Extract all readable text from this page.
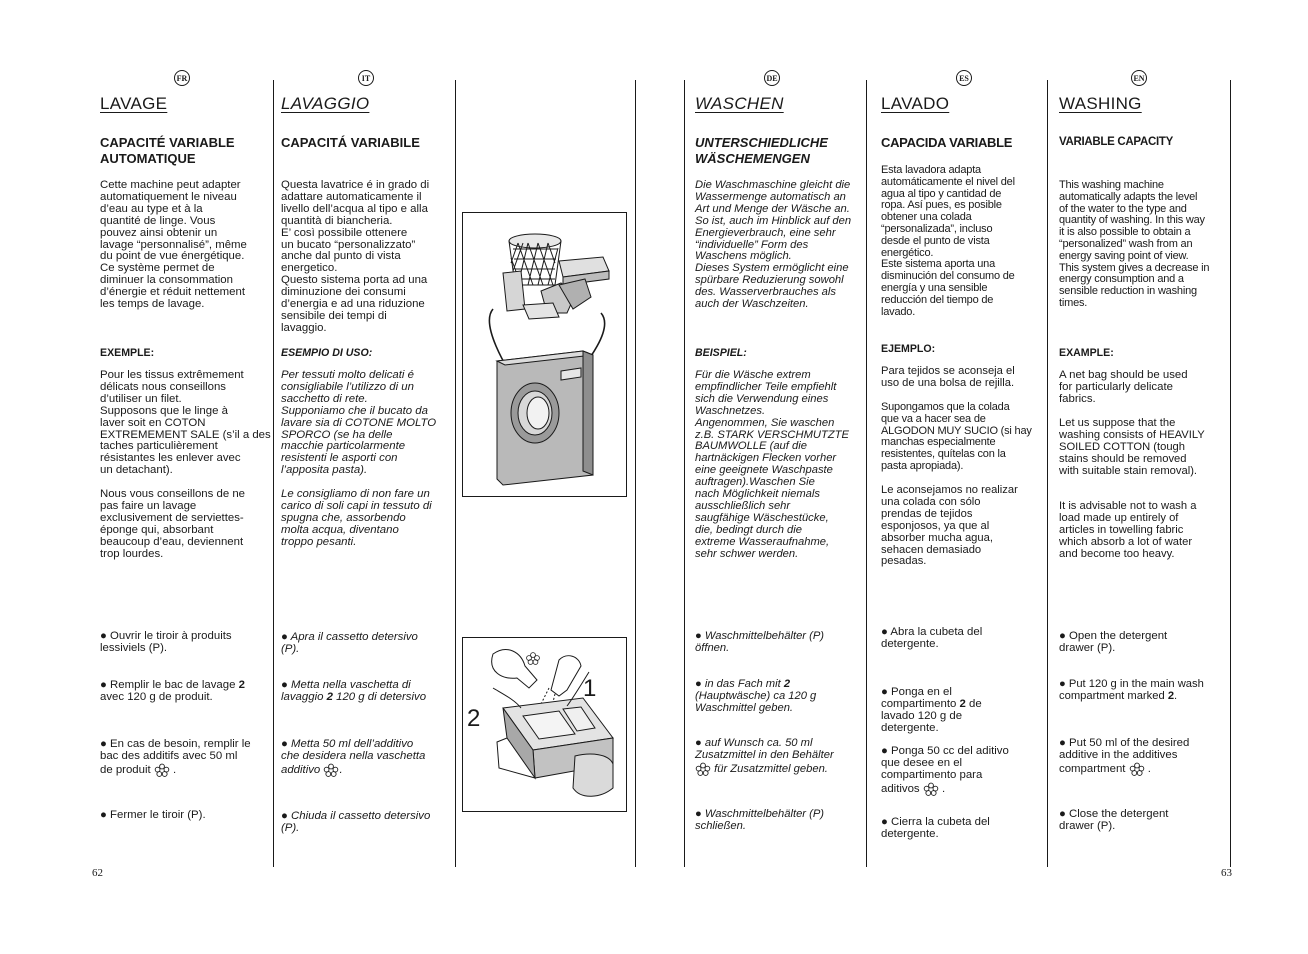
FR	IT	DE	ES	EN
LAVAGE	LAVAGGIO	WASCHEN	LAVADO	WASHING
CAPACITÉ VARIABLE
AUTOMATIQUE
Cette machine peut adapter
automatiquement le niveau
d’eau au type et à la
quantité de linge. Vous
pouvez ainsi obtenir un
lavage “personnalisé”, même
du point de vue énergétique.
Ce système permet de
diminuer la consommation
d’énergie et réduit nettement
les temps de lavage.
EXEMPLE:
Pour les tissus extrêmement
délicats nous conseillons
d’utiliser un filet.
Supposons que le linge à
laver soit en COTON
EXTREMEMENT SALE (s’il a des
taches particulièrement
résistantes les enlever avec
un detachant).
Nous vous conseillons de ne
pas faire un lavage
exclusivement de serviettes-
éponge qui, absorbant
beaucoup d’eau, deviennent
trop lourdes.
● Ouvrir le tiroir à produits
lessiviels (P).
● Remplir le bac de lavage 2
avec 120 g de produit.
● En cas de besoin, remplir le
bac des additifs avec 50 ml
de produit  .
● Fermer le tiroir (P).
CAPACITÁ VARIABILE
Questa lavatrice é in grado di
adattare automaticamente il
livello dell’acqua al tipo e alla
quantità di biancheria.
E’ così possibile ottenere
un bucato “personalizzato”
anche dal punto di vista
energetico.
Questo sistema porta ad una
diminuzione dei consumi
d’energia e ad una riduzione
sensibile dei tempi di
lavaggio.
ESEMPIO DI USO:
Per tessuti molto delicati é
consigliabile l’utilizzo di un
sacchetto di rete.
Supponiamo che il bucato da
lavare sia di COTONE MOLTO
SPORCO (se ha delle
macchie particolarmente
resistenti le asporti con
l’apposita pasta).
Le consigliamo di non fare un
carico di soli capi in tessuto di
spugna che, assorbendo
molta acqua, diventano
troppo pesanti.
● Apra il cassetto detersivo
(P).
● Metta nella vaschetta di
lavaggio 2 120 g di detersivo
● Metta 50 ml dell’additivo
che desidera nella vaschetta
additivo .
● Chiuda il cassetto detersivo
(P).
1
2
UNTERSCHIEDLICHE
WÄSCHEMENGEN
Die Waschmaschine gleicht die
Wassermenge automatisch an
Art und Menge der Wäsche an.
So ist, auch im Hinblick auf den
Energieverbrauch, eine sehr
“individuelle” Form des
Waschens möglich.
Dieses System ermöglicht eine
spürbare Reduzierung sowohl
des. Wasserverbrauches als
auch der Waschzeiten.
BEISPIEL:
Für die Wäsche extrem
empfindlicher Teile empfiehlt
sich die Verwendung eines
Waschnetzes.
Angenommen, Sie waschen
z.B. STARK VERSCHMUTZTE
BAUMWOLLE (auf die
hartnäckigen Flecken vorher
eine geeignete Waschpaste
auftragen).Waschen Sie
nach Möglichkeit niemals
ausschließlich sehr
saugfähige Wäschestücke,
die, bedingt durch die
extreme Wasseraufnahme,
sehr schwer werden.
● Waschmittelbehälter (P)
öffnen.
● in das Fach mit 2
(Hauptwäsche) ca 120 g
Waschmittel geben.
● auf Wunsch ca. 50 ml
Zusatzmittel in den Behälter
für Zusatzmittel geben.
● Waschmittelbehälter (P)
schließen.
CAPACIDA VARIABLE
Esta lavadora adapta
automáticamente el nivel del
agua al tipo y cantidad de
ropa. Así pues, es posible
obtener una colada
“personalizada”, incluso
desde el punto de vista
energético.
Este sistema aporta una
disminución del consumo de
energía y una sensible
reducción del tiempo de
lavado.
EJEMPLO:
Para tejidos se aconseja el
uso de una bolsa de rejilla.
Supongamos que la colada
que va a hacer sea de
ALGODON MUY SUCIO (si hay
manchas especialmente
resistentes, quítelas con la
pasta apropiada).
Le aconsejamos no realizar
una colada con sólo
prendas de tejidos
esponjosos, ya que al
absorber mucha agua,
sehacen demasiado
pesadas.
● Abra la cubeta del
detergente.
● Ponga en el
compartimento 2 de
lavado 120 g de
detergente.
● Ponga 50 cc del aditivo
que desee en el
compartimento para
aditivos  .
● Cierra la cubeta del
detergente.
VARIABLE CAPACITY
This washing machine
automatically adapts the level
of the water to the type and
quantity of washing. In this way
it is also possible to obtain a
“personalized” wash from an
energy saving point of view.
This system gives a decrease in
energy consumption and a
sensible reduction in washing
times.
EXAMPLE:
A net bag should be used
for particularly delicate
fabrics.
Let us suppose that the
washing consists of HEAVILY
SOILED COTTON (tough
stains should be removed
with suitable stain removal).
It is advisable not to wash a
load made up entirely of
articles in towelling fabric
which absorb a lot of water
and become too heavy.
● Open the detergent
drawer (P).
● Put 120 g in the main wash
compartment marked 2.
● Put 50 ml of the desired
additive in the additives
compartment  .
● Close the detergent
drawer (P).
62	63
